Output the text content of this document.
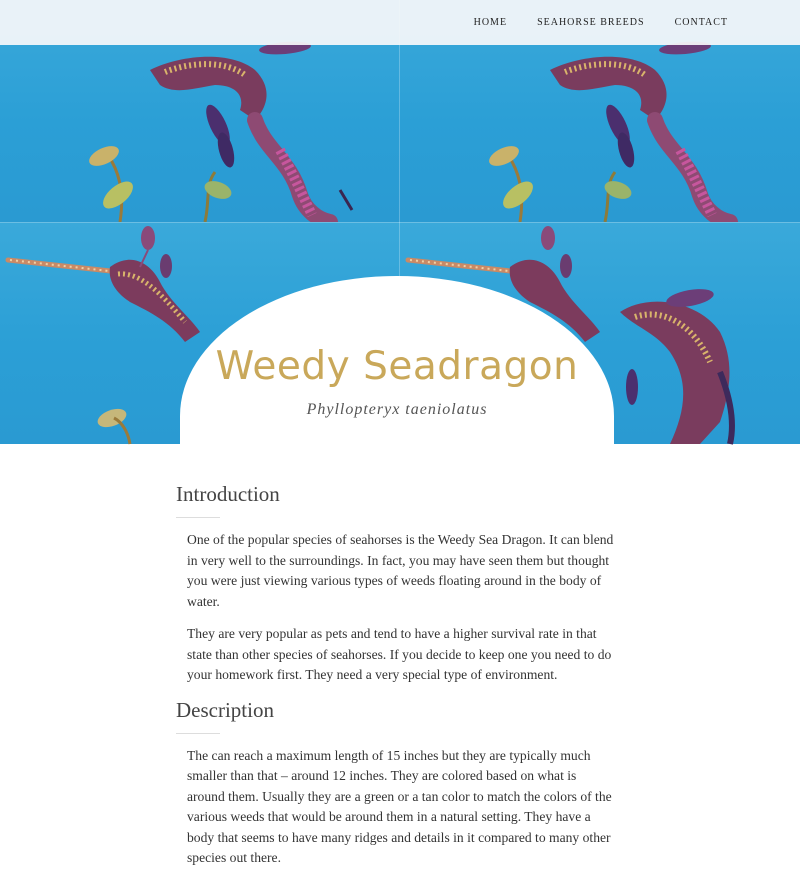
HOME	SEAHORSE BREEDS	CONTACT
Weedy Seadragon

Phyllopteryx taeniolatus

Introduction

One of the popular species of seahorses is the Weedy Sea Dragon. It can blend in very well to the surroundings. In fact, you may have seen them but thought you were just viewing various types of weeds floating around in the body of water.

They are very popular as pets and tend to have a higher survival rate in that state than other species of seahorses. If you decide to keep one you need to do your homework first. They need a very special type of environment.

Description

The can reach a maximum length of 15 inches but they are typically much smaller than that – around 12 inches. They are colored based on what is around them. Usually they are a green or a tan color to match the colors of the various weeds that would be around them in a natural setting. They have a body that seems to have many ridges and details in it compared to many other species out there.
